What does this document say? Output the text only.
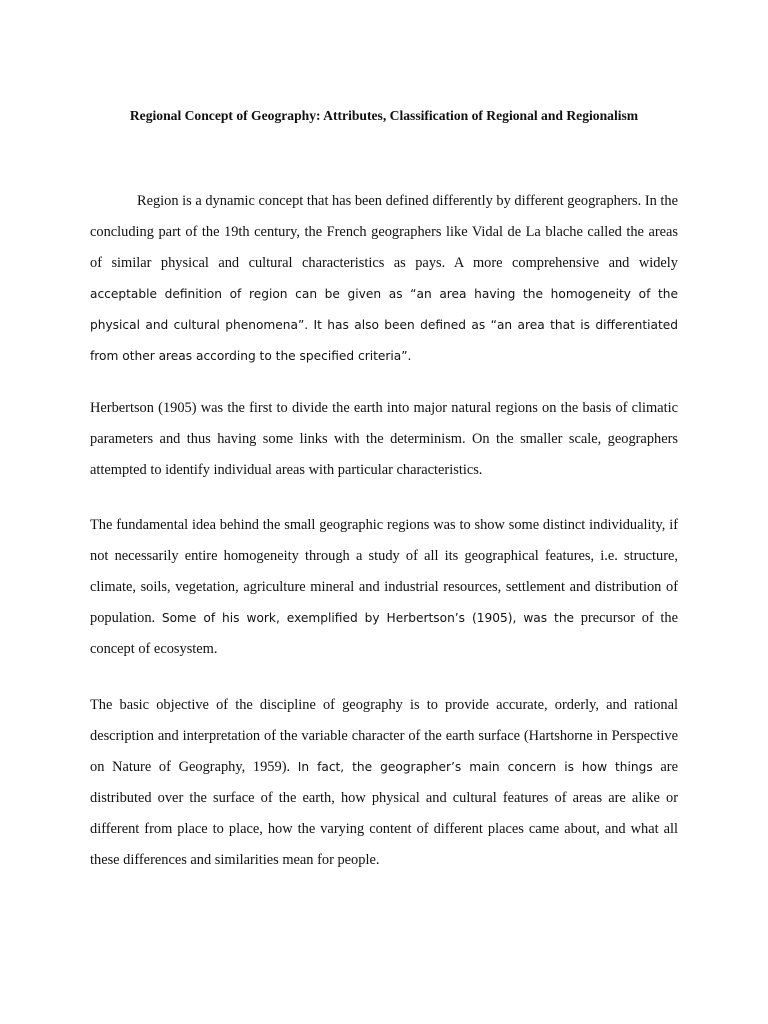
Regional Concept of Geography: Attributes, Classification of Regional and Regionalism

Region is a dynamic concept that has been defined differently by different geographers. In the concluding part of the 19th century, the French geographers like Vidal de La blache called the areas of similar physical and cultural characteristics as pays. A more comprehensive and widely acceptable definition of region can be given as “an area having the homogeneity of the physical and cultural phenomena”. It has also been defined as “an area that is differentiated from other areas according to the specified criteria”.

Herbertson (1905) was the first to divide the earth into major natural regions on the basis of climatic parameters and thus having some links with the determinism. On the smaller scale, geographers attempted to identify individual areas with particular characteristics.

The fundamental idea behind the small geographic regions was to show some distinct individuality, if not necessarily entire homogeneity through a study of all its geographical features, i.e. structure, climate, soils, vegetation, agriculture mineral and industrial resources, settlement and distribution of population. Some of his work, exemplified by Herbertson’s (1905), was the precursor of the concept of ecosystem.

The basic objective of the discipline of geography is to provide accurate, orderly, and rational description and interpretation of the variable character of the earth surface (Hartshorne in Perspective on Nature of Geography, 1959). In fact, the geographer’s main concern is how things are distributed over the surface of the earth, how physical and cultural features of areas are alike or different from place to place, how the varying content of different places came about, and what all these differences and similarities mean for people.
